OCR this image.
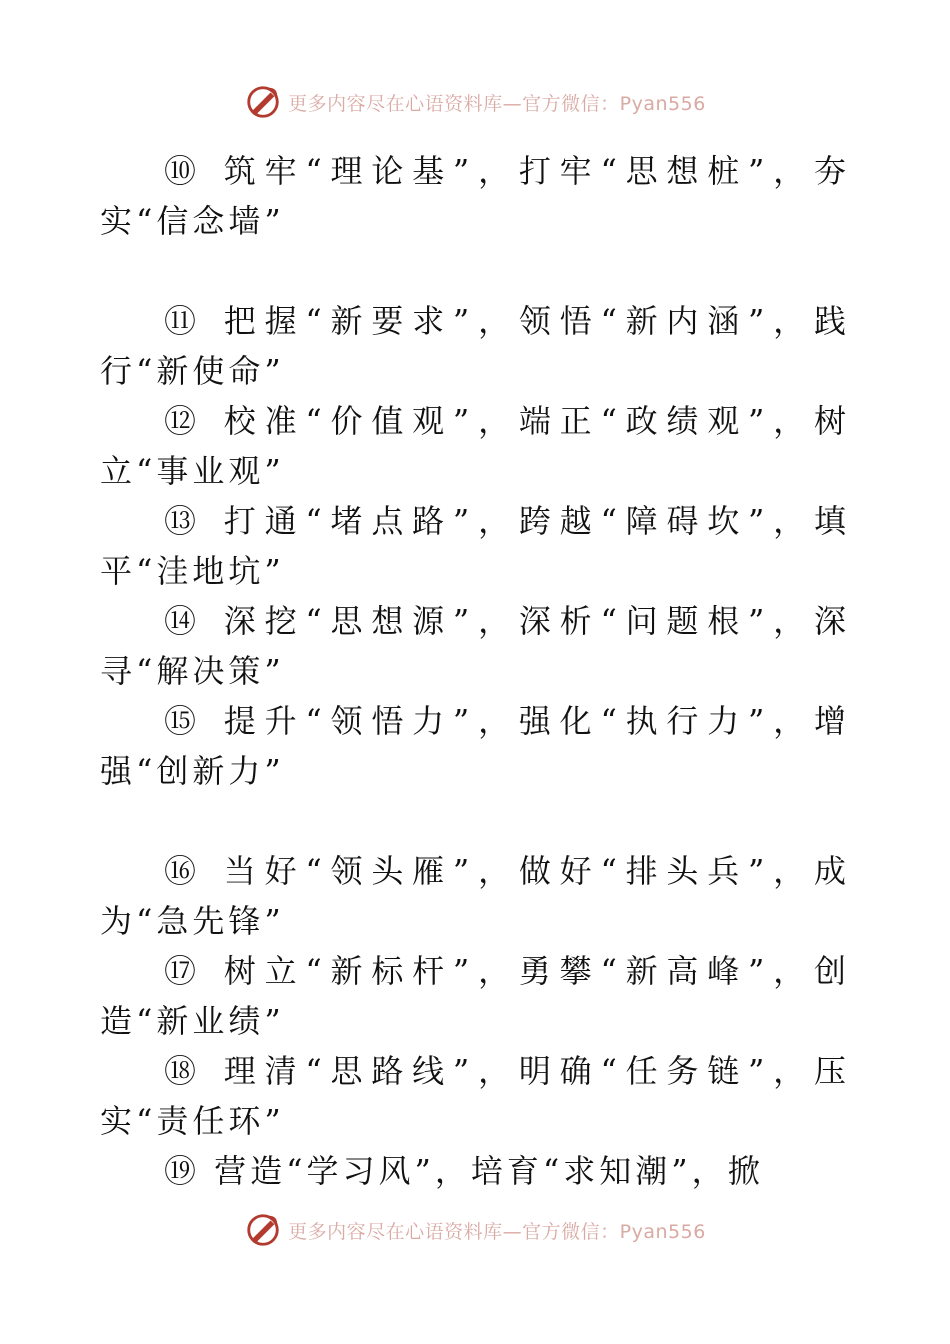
更多内容尽在心语资料库—官方微信：Pyan556

⑩ 筑牢“理论基”，打牢“思想桩”，夯实“信念墙”

⑪ 把握“新要求”，领悟“新内涵”，践行“新使命”

⑫ 校准“价值观”，端正“政绩观”，树立“事业观”

⑬ 打通“堵点路”，跨越“障碍坎”，填平“洼地坑”

⑭ 深挖“思想源”，深析“问题根”，深寻“解决策”

⑮ 提升“领悟力”，强化“执行力”，增强“创新力”

⑯ 当好“领头雁”，做好“排头兵”，成为“急先锋”

⑰ 树立“新标杆”，勇攀“新高峰”，创造“新业绩”

⑱ 理清“思路线”，明确“任务链”，压实“责任环”

⑲ 营造“学习风”，培育“求知潮”，掀

更多内容尽在心语资料库—官方微信：Pyan556
